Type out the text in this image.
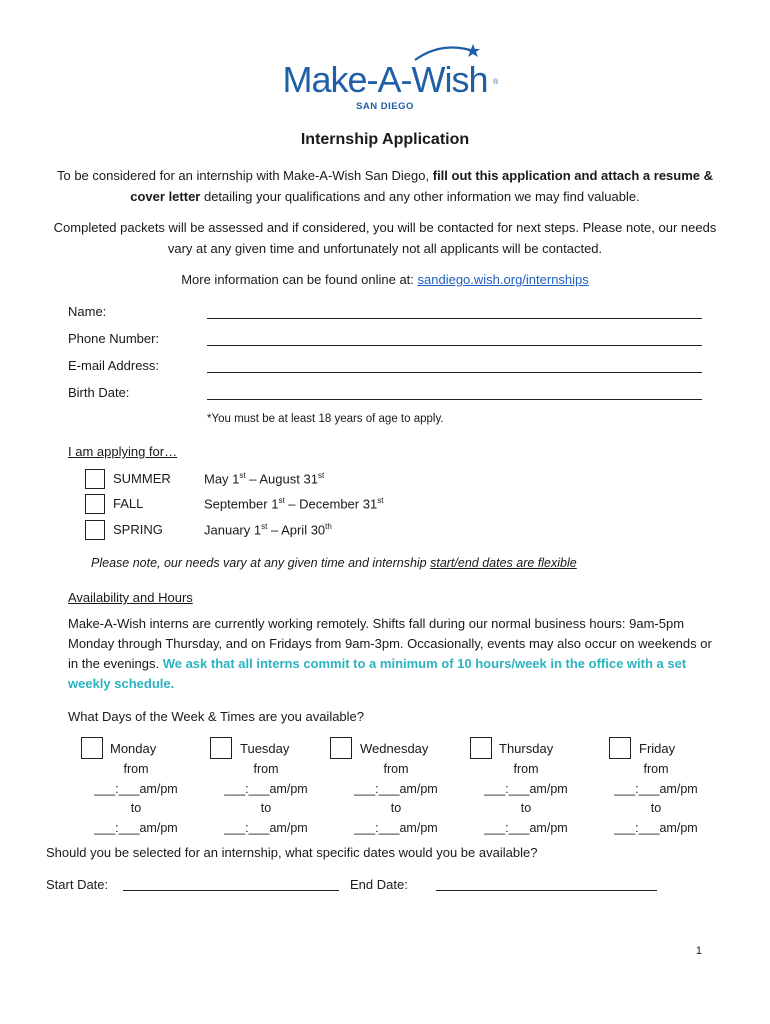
Make-A-Wish ®
SAN DIEGO
Internship Application
To be considered for an internship with Make-A-Wish San Diego, fill out this application and attach a resume & cover letter detailing your qualifications and any other information we may find valuable.
Completed packets will be assessed and if considered, you will be contacted for next steps. Please note, our needs vary at any given time and unfortunately not all applicants will be contacted.
More information can be found online at: sandiego.wish.org/internships
Name:
Phone Number:
E-mail Address:
Birth Date:
*You must be at least 18 years of age to apply.
I am applying for…
SUMMER	May 1st – August 31st
FALL	September 1st – December 31st
SPRING	January 1st – April 30th
Please note, our needs vary at any given time and internship start/end dates are flexible
Availability and Hours
Make-A-Wish interns are currently working remotely. Shifts fall during our normal business hours: 9am-5pm Monday through Thursday, and on Fridays from 9am-3pm. Occasionally, events may also occur on weekends or in the evenings. We ask that all interns commit to a minimum of 10 hours/week in the office with a set weekly schedule.
What Days of the Week & Times are you available?
Monday
from
___:___am/pm
to
___:___am/pm
Tuesday
from
___:___am/pm
to
___:___am/pm
Wednesday
from
___:___am/pm
to
___:___am/pm
Thursday
from
___:___am/pm
to
___:___am/pm
Friday
from
___:___am/pm
to
___:___am/pm
Should you be selected for an internship, what specific dates would you be available?
Start Date:	End Date:
1
